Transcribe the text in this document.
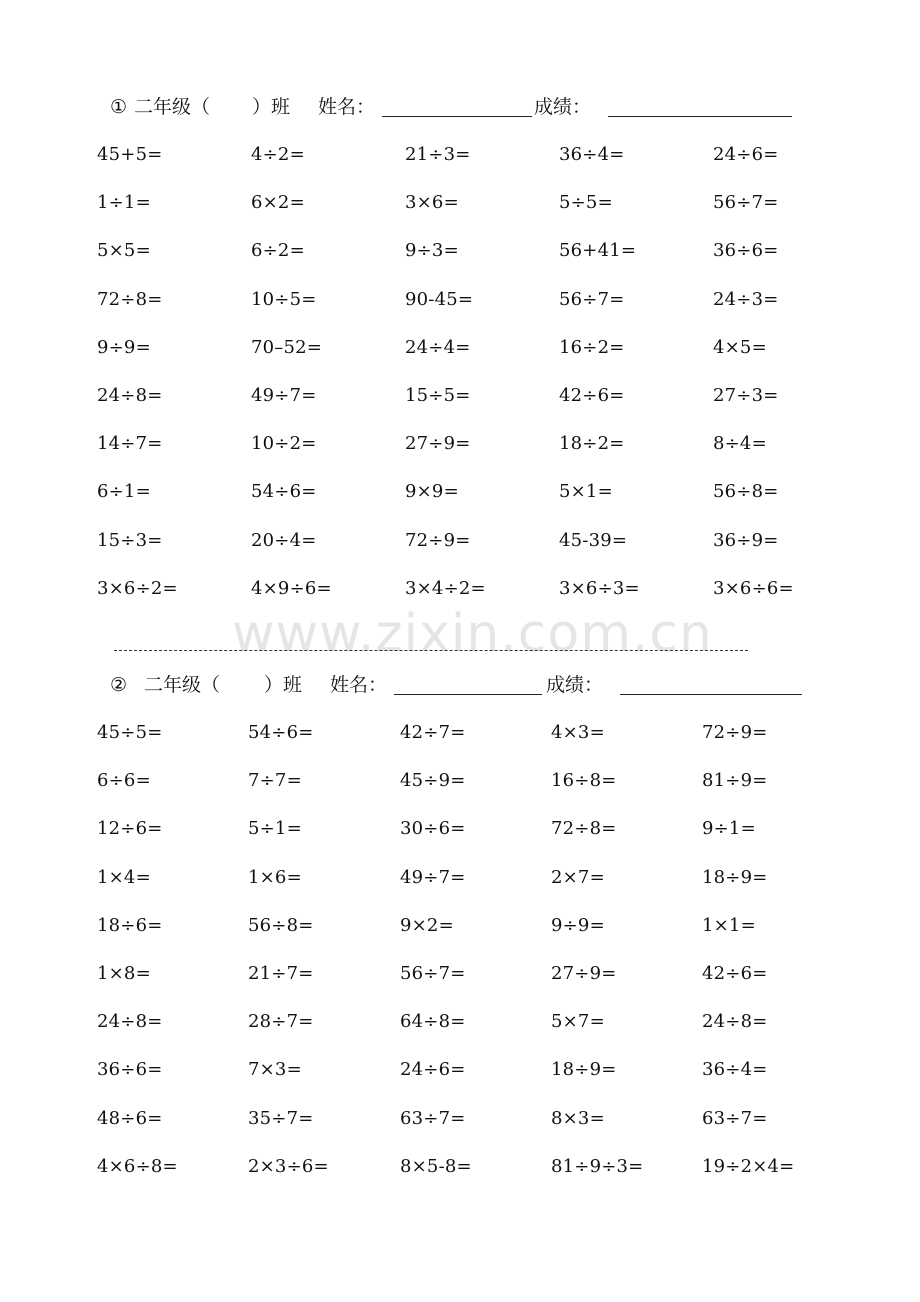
① 二年级（ ）班 姓名：	成绩：
45+5=	4÷2=	21÷3=	36÷4=	24÷6=
1÷1=	6×2=	3×6=	5÷5=	56÷7=
5×5=	6÷2=	9÷3=	56+41=	36÷6=
72÷8=	10÷5=	90-45=	56÷7=	24÷3=
9÷9=	70–52=	24÷4=	16÷2=	4×5=
24÷8=	49÷7=	15÷5=	42÷6=	27÷3=
14÷7=	10÷2=	27÷9=	18÷2=	8÷4=
6÷1=	54÷6=	9×9=	5×1=	56÷8=
15÷3=	20÷4=	72÷9=	45-39=	36÷9=
3×6÷2=	4×9÷6=	3×4÷2=	3×6÷3=	3×6÷6=
www.zixin.com.cn
② 二年级（ ）班 姓名：	成绩：
45÷5=	54÷6=	42÷7=	4×3=	72÷9=
6÷6=	7÷7=	45÷9=	16÷8=	81÷9=
12÷6=	5÷1=	30÷6=	72÷8=	9÷1=
1×4=	1×6=	49÷7=	2×7=	18÷9=
18÷6=	56÷8=	9×2=	9÷9=	1×1=
1×8=	21÷7=	56÷7=	27÷9=	42÷6=
24÷8=	28÷7=	64÷8=	5×7=	24÷8=
36÷6=	7×3=	24÷6=	18÷9=	36÷4=
48÷6=	35÷7=	63÷7=	8×3=	63÷7=
4×6÷8=	2×3÷6=	8×5-8=	81÷9÷3=	19÷2×4=
